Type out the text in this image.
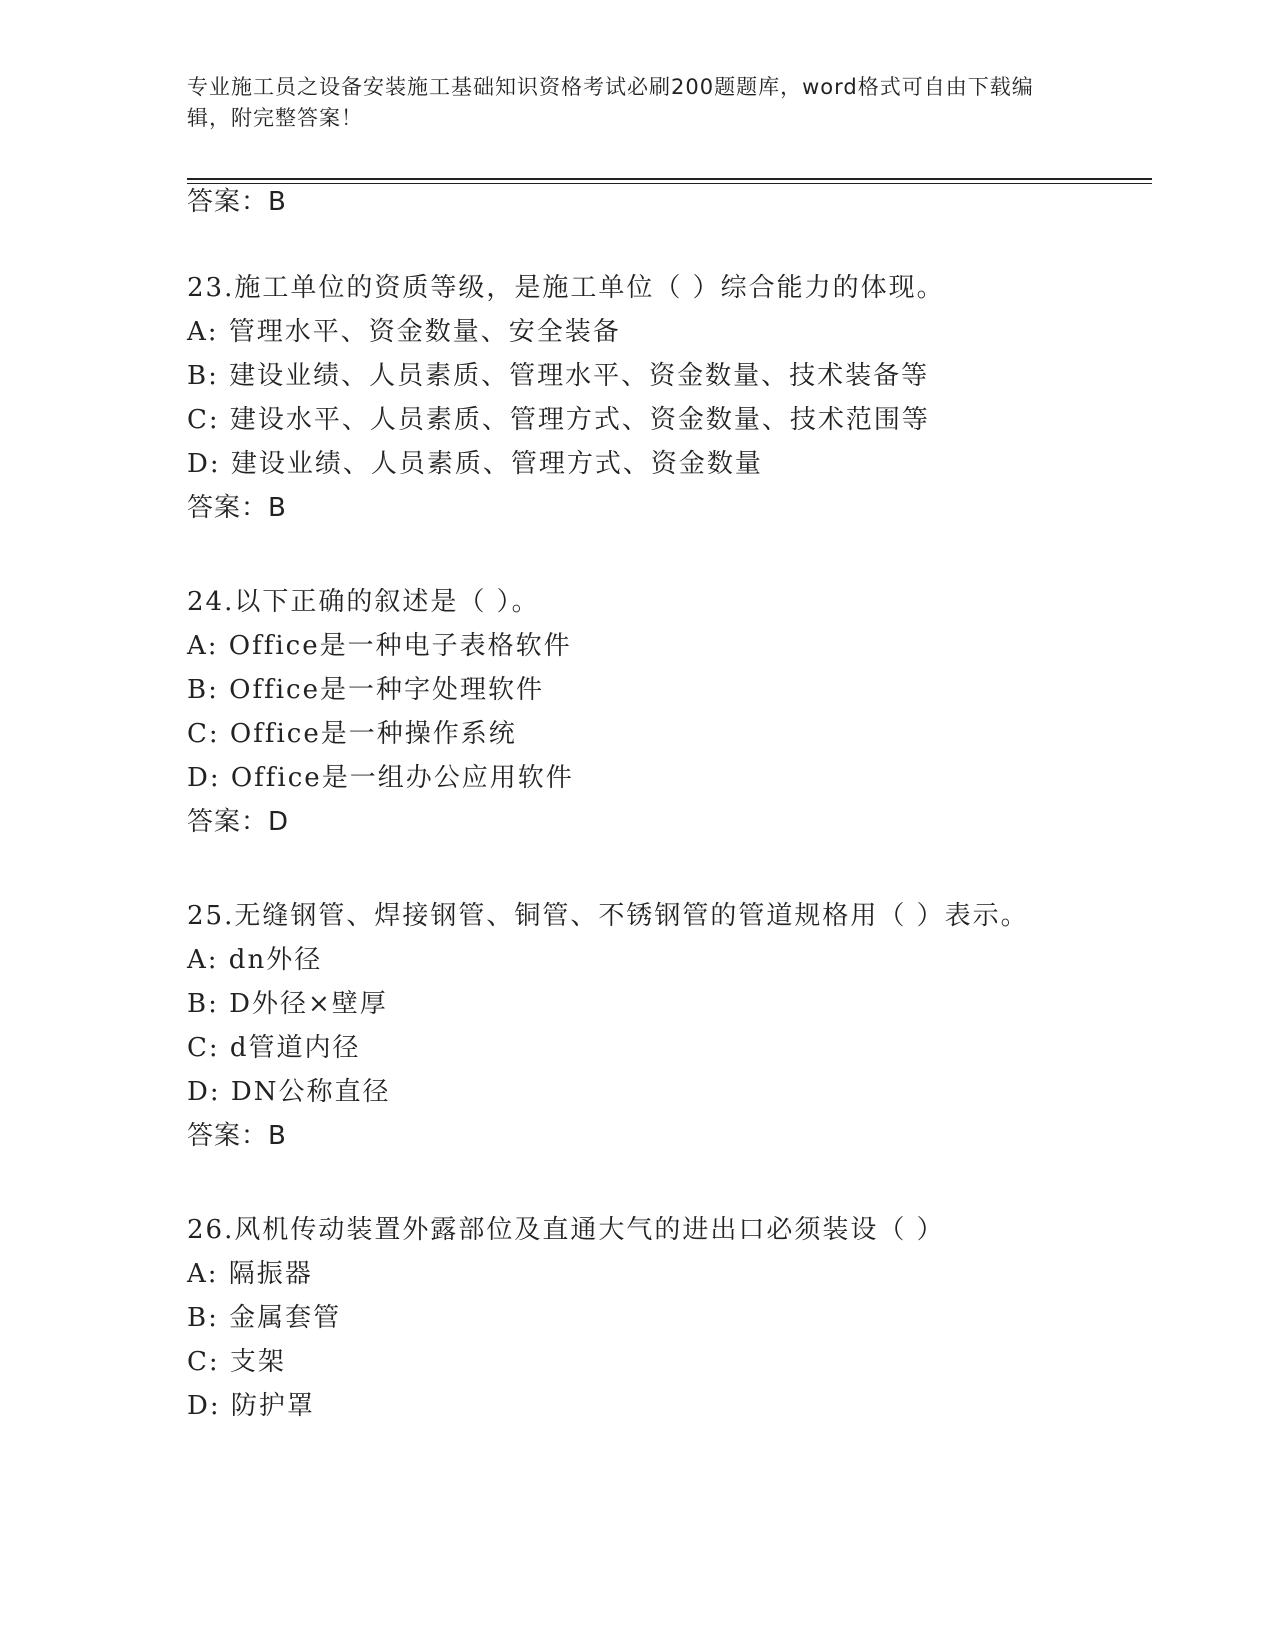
专业施工员之设备安装施工基础知识资格考试必刷200题题库，word格式可自由下载编辑，附完整答案！
答案：B
23.施工单位的资质等级，是施工单位（ ）综合能力的体现。
A: 管理水平、资金数量、安全装备
B: 建设业绩、人员素质、管理水平、资金数量、技术装备等
C: 建设水平、人员素质、管理方式、资金数量、技术范围等
D: 建设业绩、人员素质、管理方式、资金数量
答案：B
24.以下正确的叙述是（ ）。
A: Office是一种电子表格软件
B: Office是一种字处理软件
C: Office是一种操作系统
D: Office是一组办公应用软件
答案：D
25.无缝钢管、焊接钢管、铜管、不锈钢管的管道规格用（ ）表示。
A: dn外径
B: D外径×壁厚
C: d管道内径
D: DN公称直径
答案：B
26.风机传动装置外露部位及直通大气的进出口必须装设（ ）
A: 隔振器
B: 金属套管
C: 支架
D: 防护罩
